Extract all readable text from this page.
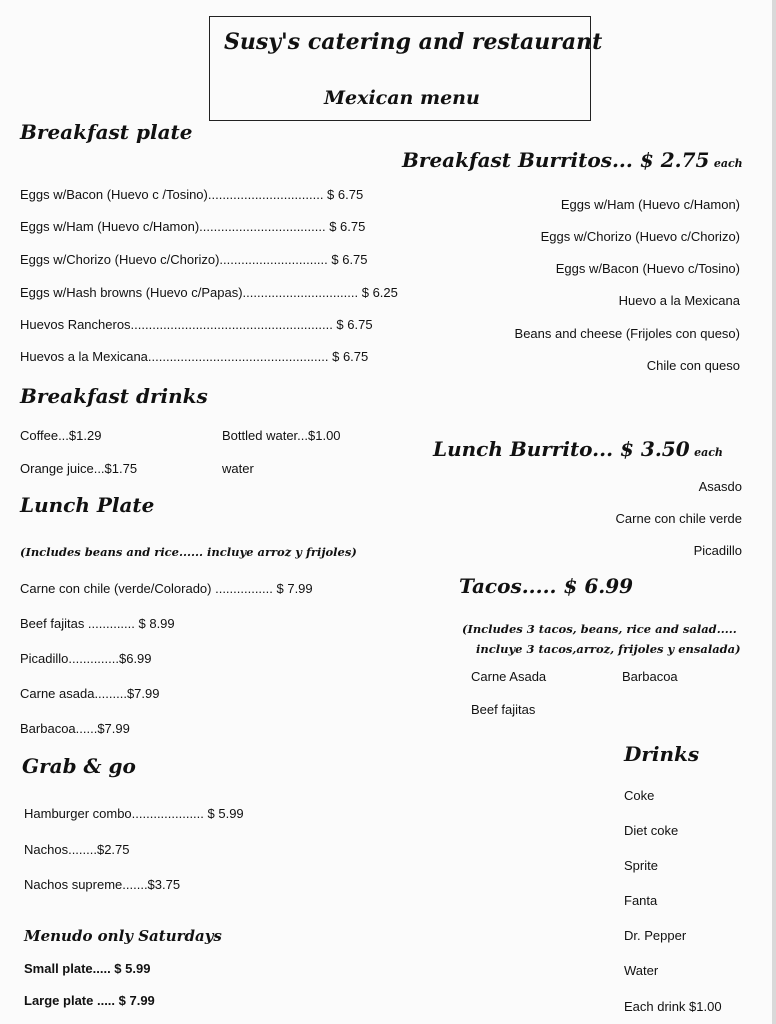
Susy's catering and restaurant
Mexican menu
Breakfast plate
Eggs w/Bacon (Huevo c /Tosino)................................ $ 6.75
Eggs w/Ham (Huevo c/Hamon)................................... $ 6.75
Eggs w/Chorizo (Huevo c/Chorizo).............................. $ 6.75
Eggs w/Hash browns (Huevo c/Papas)................................ $ 6.25
Huevos Rancheros........................................................ $ 6.75
Huevos a la Mexicana.................................................. $ 6.75
Breakfast drinks
Coffee...$1.29	Bottled water...$1.00
Orange juice...$1.75	water
Lunch Plate
(Includes beans and rice...... incluye arroz y frijoles)
Carne con chile (verde/Colorado) ................ $ 7.99
Beef fajitas ............. $ 8.99
Picadillo..............$6.99
Carne asada.........$7.99
Barbacoa......$7.99
Grab & go
Hamburger combo.................... $ 5.99
Nachos........$2.75
Nachos supreme.......$3.75
Menudo only Saturdays
Small plate..... $ 5.99
Large plate ..... $ 7.99
Breakfast Burritos... $ 2.75 each
Eggs w/Ham (Huevo c/Hamon)
Eggs w/Chorizo (Huevo c/Chorizo)
Eggs w/Bacon (Huevo c/Tosino)
Huevo a la Mexicana
Beans and cheese (Frijoles con queso)
Chile con queso
Lunch Burrito... $ 3.50 each
Asasdo
Carne con chile verde
Picadillo
Tacos..... $ 6.99
(Includes 3 tacos, beans, rice and salad.....
incluye 3 tacos,arroz, frijoles y ensalada)
Carne Asada	Barbacoa
Beef fajitas
Drinks
Coke
Diet coke
Sprite
Fanta
Dr. Pepper
Water
Each drink $1.00
